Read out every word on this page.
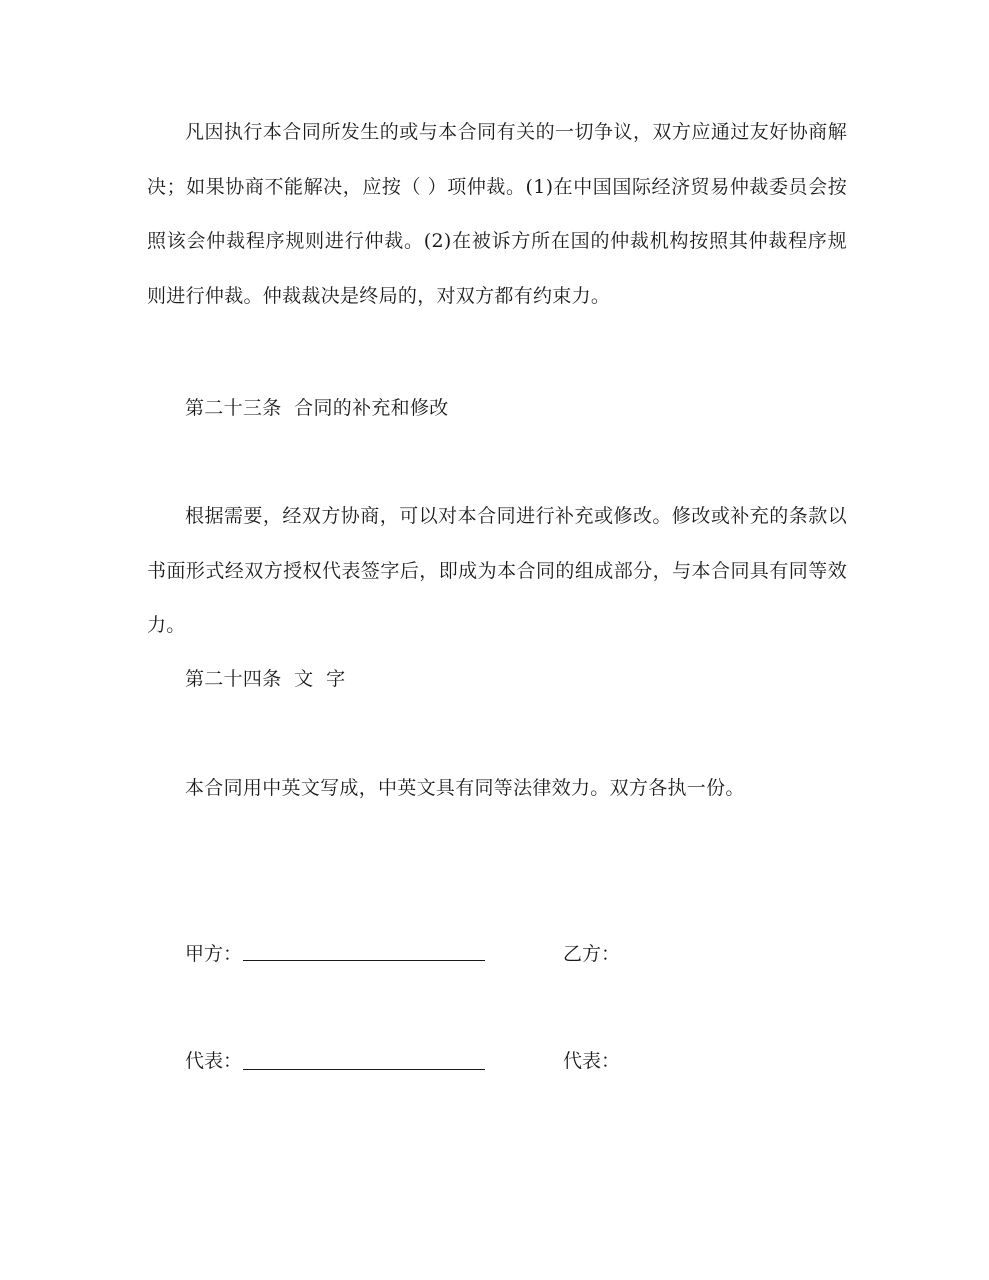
凡因执行本合同所发生的或与本合同有关的一切争议，双方应通过友好协商解决；如果协商不能解决，应按（ ）项仲裁。(1)在中国国际经济贸易仲裁委员会按照该会仲裁程序规则进行仲裁。(2)在被诉方所在国的仲裁机构按照其仲裁程序规则进行仲裁。仲裁裁决是终局的，对双方都有约束力。

第二十三条  合同的补充和修改

根据需要，经双方协商，可以对本合同进行补充或修改。修改或补充的条款以书面形式经双方授权代表签字后，即成为本合同的组成部分，与本合同具有同等效力。

第二十四条  文  字

本合同用中英文写成，中英文具有同等法律效力。双方各执一份。

甲方：	乙方：
代表：	代表：
